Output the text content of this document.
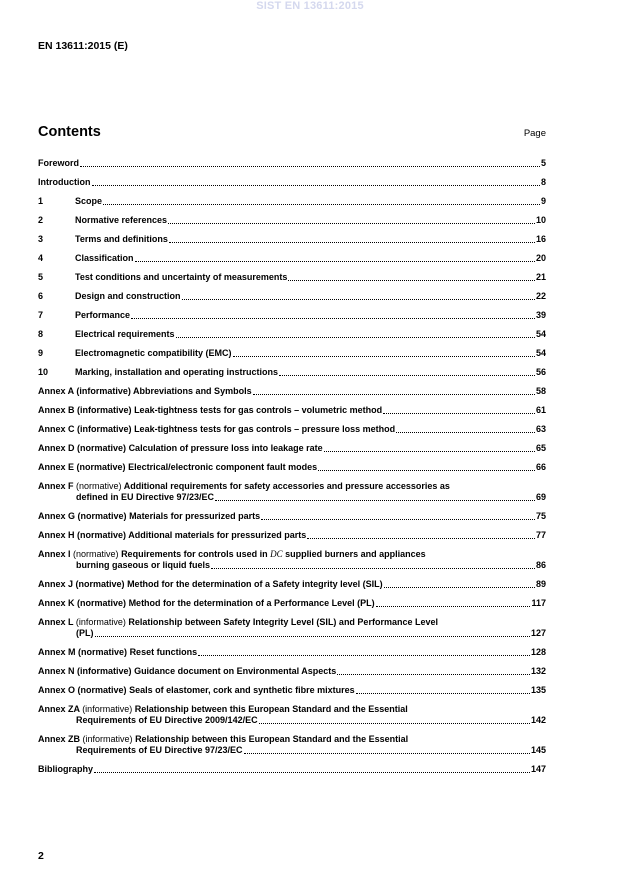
SIST EN 13611:2015
EN 13611:2015 (E)
Contents	Page
Foreword	5
Introduction	8
1	Scope	9
2	Normative references	10
3	Terms and definitions	16
4	Classification	20
5	Test conditions and uncertainty of measurements	21
6	Design and construction	22
7	Performance	39
8	Electrical requirements	54
9	Electromagnetic compatibility (EMC)	54
10	Marking, installation and operating instructions	56
Annex A (informative) Abbreviations and Symbols	58
Annex B (informative) Leak-tightness tests for gas controls – volumetric method	61
Annex C (informative) Leak-tightness tests for gas controls – pressure loss method	63
Annex D (normative) Calculation of pressure loss into leakage rate	65
Annex E (normative) Electrical/electronic component fault modes	66
Annex F (normative) Additional requirements for safety accessories and pressure accessories as
defined in EU Directive 97/23/EC	69
Annex G (normative) Materials for pressurized parts	75
Annex H (normative) Additional materials for pressurized parts	77
Annex I (normative) Requirements for controls used in DC supplied burners and appliances
burning gaseous or liquid fuels	86
Annex J (normative) Method for the determination of a Safety integrity level (SIL)	89
Annex K (normative) Method for the determination of a Performance Level (PL)	117
Annex L (informative) Relationship between Safety Integrity Level (SIL) and Performance Level
(PL)	127
Annex M (normative) Reset functions	128
Annex N (informative) Guidance document on Environmental Aspects	132
Annex O (normative) Seals of elastomer, cork and synthetic fibre mixtures	135
Annex ZA (informative) Relationship between this European Standard and the Essential
Requirements of EU Directive 2009/142/EC	142
Annex ZB (informative) Relationship between this European Standard and the Essential
Requirements of EU Directive 97/23/EC	145
Bibliography	147
2
